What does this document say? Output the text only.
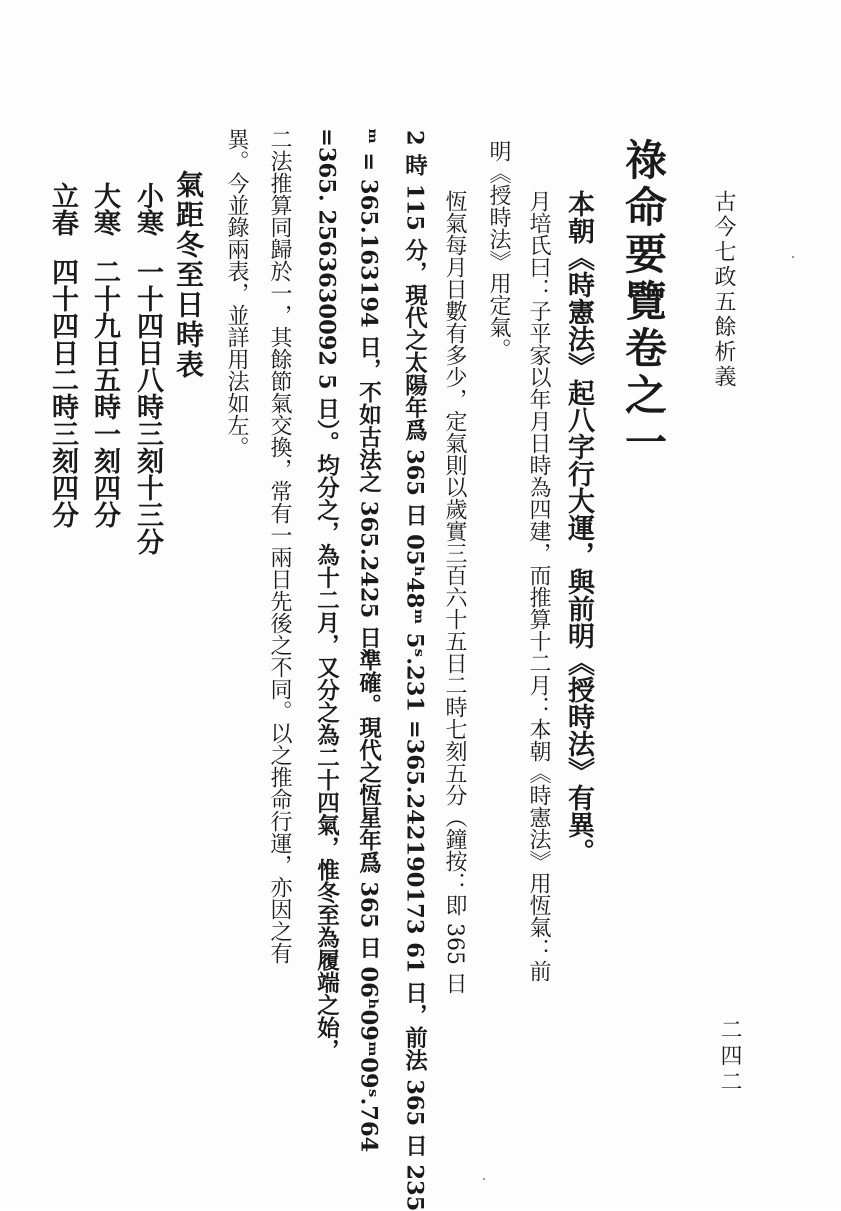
古今七政五餘析義
二四二
祿命要覽卷之一
本朝《時憲法》起八字行大運，與前明《授時法》有異。
月培氏曰：子平家以年月日時為四建，而推算十二月：本朝《時憲法》用恆氣：前
明《授時法》用定氣。
恆氣每月日數有多少，定氣則以歲實三百六十五日二時七刻五分（鐘按：即 365 日
2 時 115 分，現代之太陽年爲 365 日 05ʰ48ᵐ 5ˢ.231 =365.242190173 61 日，前法 365 日 235
ᵐ = 365.163194 日，不如古法之 365.2425 日準確。現代之恆星年爲 365 日 06ʰ09ᵐ09ˢ.764
=365. 2563630092 5 日）。均分之，為十二月，又分之為二十四氣，惟冬至為履端之始，
二法推算同歸於一，其餘節氣交換，常有一兩日先後之不同。以之推命行運，亦因之有
異。今並錄兩表，並詳用法如左。
氣距冬至日時表
小寒一十四日八時三刻十三分
大寒二十九日五時一刻四分
立春四十四日二時三刻四分
